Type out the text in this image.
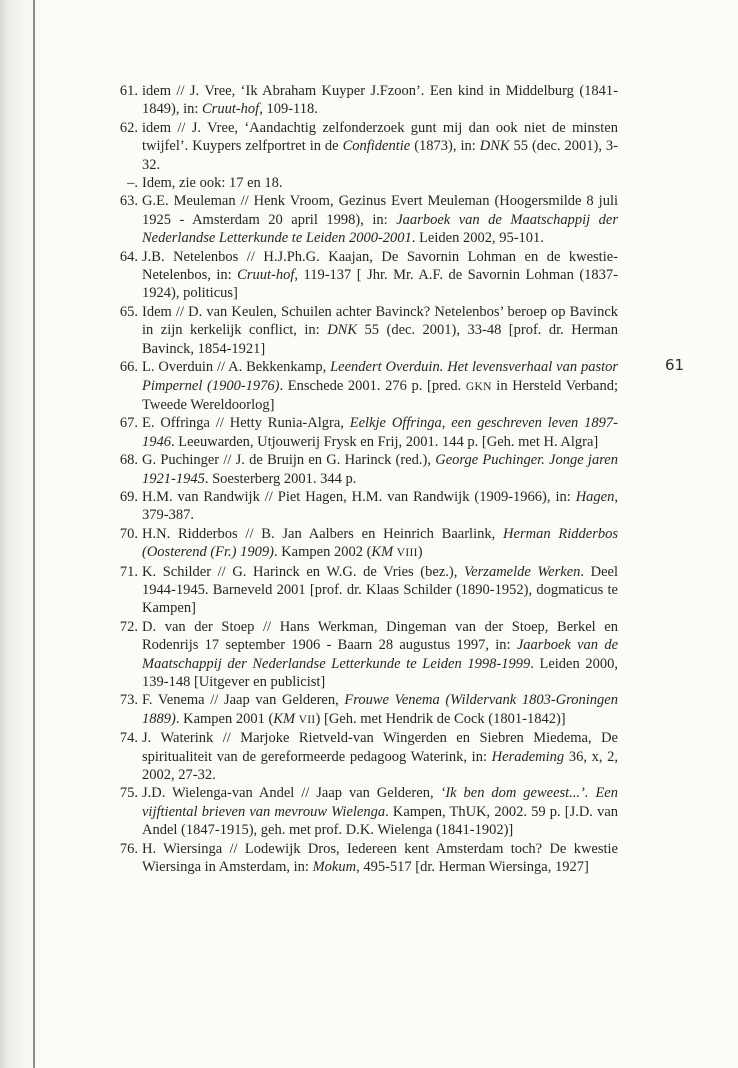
61. idem // J. Vree, ‘Ik Abraham Kuyper J.Fzoon’. Een kind in Middelburg (1841-1849), in: Cruut-hof, 109-118.
62. idem // J. Vree, ‘Aandachtig zelfonderzoek gunt mij dan ook niet de minsten twijfel’. Kuypers zelfportret in de Confidentie (1873), in: DNK 55 (dec. 2001), 3-32.
–. Idem, zie ook: 17 en 18.
63. G.E. Meuleman // Henk Vroom, Gezinus Evert Meuleman (Hoogersmilde 8 juli 1925 - Amsterdam 20 april 1998), in: Jaarboek van de Maatschappij der Nederlandse Letterkunde te Leiden 2000-2001. Leiden 2002, 95-101.
64. J.B. Netelenbos // H.J.Ph.G. Kaajan, De Savornin Lohman en de kwestie-Netelenbos, in: Cruut-hof, 119-137 [ Jhr. Mr. A.F. de Savornin Lohman (1837-1924), politicus]
65. Idem // D. van Keulen, Schuilen achter Bavinck? Netelenbos’ beroep op Bavinck in zijn kerkelijk conflict, in: DNK 55 (dec. 2001), 33-48 [prof. dr. Herman Bavinck, 1854-1921]
66. L. Overduin // A. Bekkenkamp, Leendert Overduin. Het levensverhaal van pastor Pimpernel (1900-1976). Enschede 2001. 276 p. [pred. GKN in Hersteld Verband; Tweede Wereldoorlog]
67. E. Offringa // Hetty Runia-Algra, Eelkje Offringa, een geschreven leven 1897-1946. Leeuwarden, Utjouwerij Frysk en Frij, 2001. 144 p. [Geh. met H. Algra]
68. G. Puchinger // J. de Bruijn en G. Harinck (red.), George Puchinger. Jonge jaren 1921-1945. Soesterberg 2001. 344 p.
69. H.M. van Randwijk // Piet Hagen, H.M. van Randwijk (1909-1966), in: Hagen, 379-387.
70. H.N. Ridderbos // B. Jan Aalbers en Heinrich Baarlink, Herman Ridderbos (Oosterend (Fr.) 1909). Kampen 2002 (KM VIII)
71. K. Schilder // G. Harinck en W.G. de Vries (bez.), Verzamelde Werken. Deel 1944-1945. Barneveld 2001 [prof. dr. Klaas Schilder (1890-1952), dogmaticus te Kampen]
72. D. van der Stoep // Hans Werkman, Dingeman van der Stoep, Berkel en Rodenrijs 17 september 1906 - Baarn 28 augustus 1997, in: Jaarboek van de Maatschappij der Nederlandse Letterkunde te Leiden 1998-1999. Leiden 2000, 139-148 [Uitgever en publicist]
73. F. Venema // Jaap van Gelderen, Frouwe Venema (Wildervank 1803-Groningen 1889). Kampen 2001 (KM VII) [Geh. met Hendrik de Cock (1801-1842)]
74. J. Waterink // Marjoke Rietveld-van Wingerden en Siebren Miedema, De spiritualiteit van de gereformeerde pedagoog Waterink, in: Herademing 36, x, 2, 2002, 27-32.
75. J.D. Wielenga-van Andel // Jaap van Gelderen, ‘Ik ben dom geweest...’. Een vijftiental brieven van mevrouw Wielenga. Kampen, ThUK, 2002. 59 p. [J.D. van Andel (1847-1915), geh. met prof. D.K. Wielenga (1841-1902)]
76. H. Wiersinga // Lodewijk Dros, Iedereen kent Amsterdam toch? De kwestie Wiersinga in Amsterdam, in: Mokum, 495-517 [dr. Herman Wiersinga, 1927]
61
